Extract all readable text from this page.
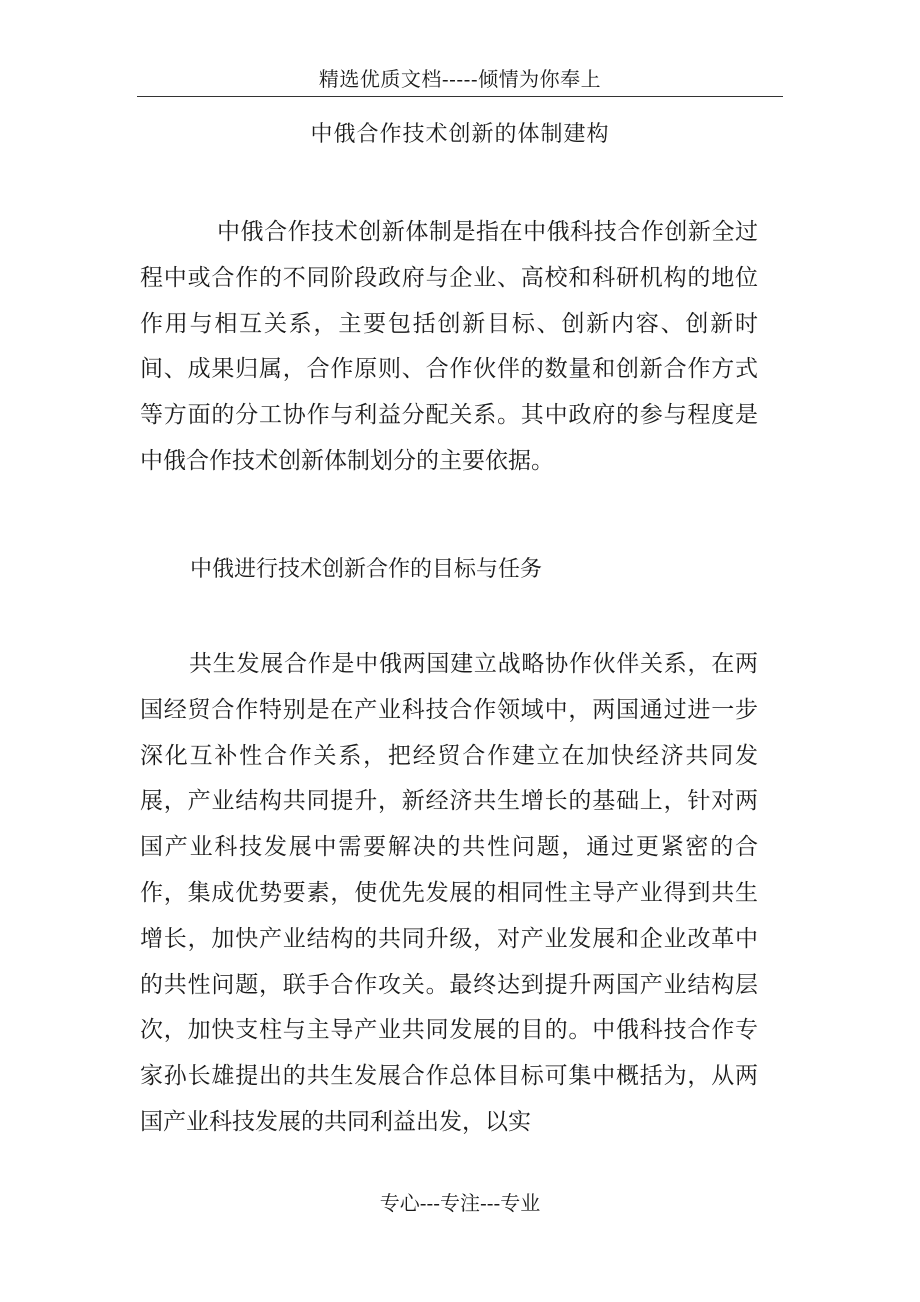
精选优质文档-----倾情为你奉上
中俄合作技术创新的体制建构

中俄合作技术创新体制是指在中俄科技合作创新全过程中或合作的不同阶段政府与企业、高校和科研机构的地位作用与相互关系，主要包括创新目标、创新内容、创新时间、成果归属，合作原则、合作伙伴的数量和创新合作方式等方面的分工协作与利益分配关系。其中政府的参与程度是中俄合作技术创新体制划分的主要依据。

中俄进行技术创新合作的目标与任务

共生发展合作是中俄两国建立战略协作伙伴关系，在两国经贸合作特别是在产业科技合作领域中，两国通过进一步深化互补性合作关系，把经贸合作建立在加快经济共同发展，产业结构共同提升，新经济共生增长的基础上，针对两国产业科技发展中需要解决的共性问题，通过更紧密的合作，集成优势要素，使优先发展的相同性主导产业得到共生增长，加快产业结构的共同升级，对产业发展和企业改革中的共性问题，联手合作攻关。最终达到提升两国产业结构层次，加快支柱与主导产业共同发展的目的。中俄科技合作专家孙长雄提出的共生发展合作总体目标可集中概括为，从两国产业科技发展的共同利益出发，以实

专心---专注---专业
